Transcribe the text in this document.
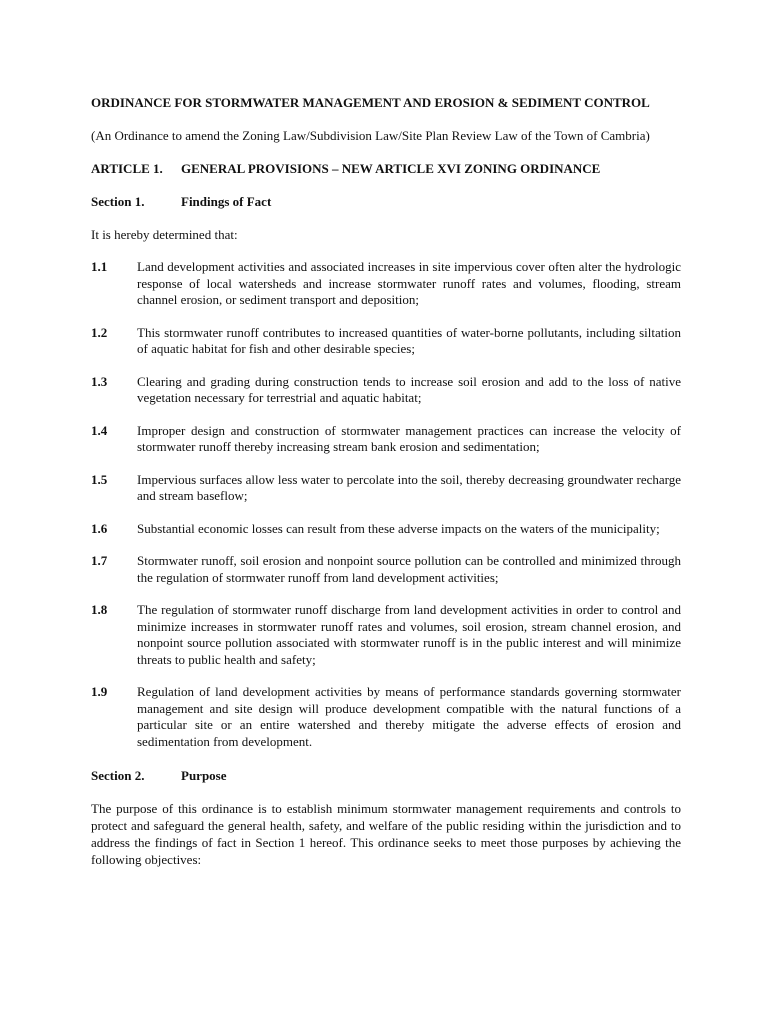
ORDINANCE FOR STORMWATER MANAGEMENT AND EROSION & SEDIMENT CONTROL

(An Ordinance to amend the Zoning Law/Subdivision Law/Site Plan Review Law of the Town of Cambria)

ARTICLE 1.	GENERAL PROVISIONS – NEW ARTICLE XVI ZONING ORDINANCE
Section 1.	Findings of Fact

It is hereby determined that:

1.1	Land development activities and associated increases in site impervious cover often alter the hydrologic response of local watersheds and increase stormwater runoff rates and volumes, flooding, stream channel erosion, or sediment transport and deposition;
1.2	This stormwater runoff contributes to increased quantities of water-borne pollutants, including siltation of aquatic habitat for fish and other desirable species;
1.3	Clearing and grading during construction tends to increase soil erosion and add to the loss of native vegetation necessary for terrestrial and aquatic habitat;
1.4	Improper design and construction of stormwater management practices can increase the velocity of stormwater runoff thereby increasing stream bank erosion and sedimentation;
1.5	Impervious surfaces allow less water to percolate into the soil, thereby decreasing groundwater recharge and stream baseflow;
1.6	Substantial economic losses can result from these adverse impacts on the waters of the municipality;
1.7	Stormwater runoff, soil erosion and nonpoint source pollution can be controlled and minimized through the regulation of stormwater runoff from land development activities;
1.8	The regulation of stormwater runoff discharge from land development activities in order to control and minimize increases in stormwater runoff rates and volumes, soil erosion, stream channel erosion, and nonpoint source pollution associated with stormwater runoff is in the public interest and will minimize threats to public health and safety;
1.9	Regulation of land development activities by means of performance standards governing stormwater management and site design will produce development compatible with the natural functions of a particular site or an entire watershed and thereby mitigate the adverse effects of erosion and sedimentation from development.
Section 2.	Purpose

The purpose of this ordinance is to establish minimum stormwater management requirements and controls to protect and safeguard the general health, safety, and welfare of the public residing within the jurisdiction and to address the findings of fact in Section 1 hereof. This ordinance seeks to meet those purposes by achieving the following objectives:
